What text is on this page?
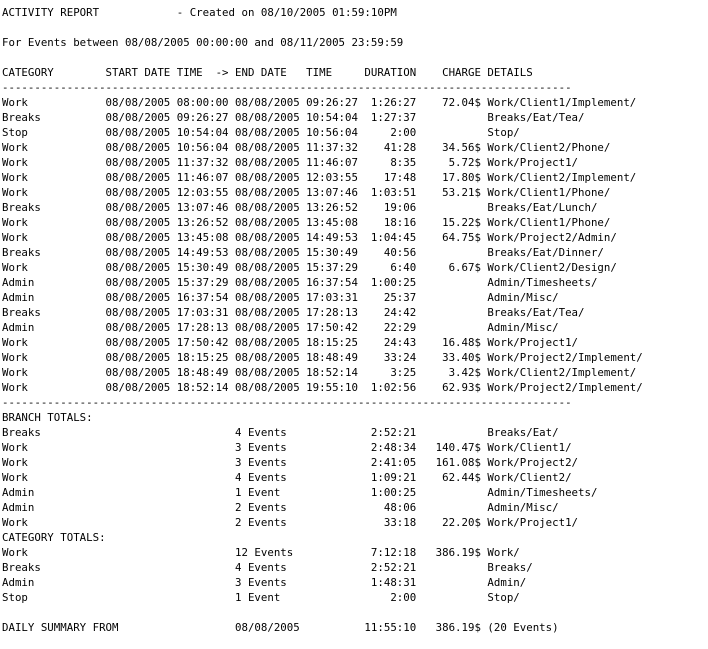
ACTIVITY REPORT            - Created on 08/10/2005 01:59:10PM
For Events between 08/08/2005 00:00:00 and 08/11/2005 23:59:59
CATEGORY        START DATE TIME  -> END DATE   TIME     DURATION    CHARGE DETAILS
----------------------------------------------------------------------------------------
Work            08/08/2005 08:00:00 08/08/2005 09:26:27  1:26:27    72.04$ Work/Client1/Implement/
Breaks          08/08/2005 09:26:27 08/08/2005 10:54:04  1:27:37           Breaks/Eat/Tea/
Stop            08/08/2005 10:54:04 08/08/2005 10:56:04     2:00           Stop/
Work            08/08/2005 10:56:04 08/08/2005 11:37:32    41:28    34.56$ Work/Client2/Phone/
Work            08/08/2005 11:37:32 08/08/2005 11:46:07     8:35     5.72$ Work/Project1/
Work            08/08/2005 11:46:07 08/08/2005 12:03:55    17:48    17.80$ Work/Client2/Implement/
Work            08/08/2005 12:03:55 08/08/2005 13:07:46  1:03:51    53.21$ Work/Client1/Phone/
Breaks          08/08/2005 13:07:46 08/08/2005 13:26:52    19:06           Breaks/Eat/Lunch/
Work            08/08/2005 13:26:52 08/08/2005 13:45:08    18:16    15.22$ Work/Client1/Phone/
Work            08/08/2005 13:45:08 08/08/2005 14:49:53  1:04:45    64.75$ Work/Project2/Admin/
Breaks          08/08/2005 14:49:53 08/08/2005 15:30:49    40:56           Breaks/Eat/Dinner/
Work            08/08/2005 15:30:49 08/08/2005 15:37:29     6:40     6.67$ Work/Client2/Design/
Admin           08/08/2005 15:37:29 08/08/2005 16:37:54  1:00:25           Admin/Timesheets/
Admin           08/08/2005 16:37:54 08/08/2005 17:03:31    25:37           Admin/Misc/
Breaks          08/08/2005 17:03:31 08/08/2005 17:28:13    24:42           Breaks/Eat/Tea/
Admin           08/08/2005 17:28:13 08/08/2005 17:50:42    22:29           Admin/Misc/
Work            08/08/2005 17:50:42 08/08/2005 18:15:25    24:43    16.48$ Work/Project1/
Work            08/08/2005 18:15:25 08/08/2005 18:48:49    33:24    33.40$ Work/Project2/Implement/
Work            08/08/2005 18:48:49 08/08/2005 18:52:14     3:25     3.42$ Work/Client2/Implement/
Work            08/08/2005 18:52:14 08/08/2005 19:55:10  1:02:56    62.93$ Work/Project2/Implement/
----------------------------------------------------------------------------------------
BRANCH TOTALS:
Breaks                              4 Events             2:52:21           Breaks/Eat/
Work                                3 Events             2:48:34   140.47$ Work/Client1/
Work                                3 Events             2:41:05   161.08$ Work/Project2/
Work                                4 Events             1:09:21    62.44$ Work/Client2/
Admin                               1 Event              1:00:25           Admin/Timesheets/
Admin                               2 Events               48:06           Admin/Misc/
Work                                2 Events               33:18    22.20$ Work/Project1/
CATEGORY TOTALS:
Work                                12 Events            7:12:18   386.19$ Work/
Breaks                              4 Events             2:52:21           Breaks/
Admin                               3 Events             1:48:31           Admin/
Stop                                1 Event                 2:00           Stop/
DAILY SUMMARY FROM                  08/08/2005          11:55:10   386.19$ (20 Events)
